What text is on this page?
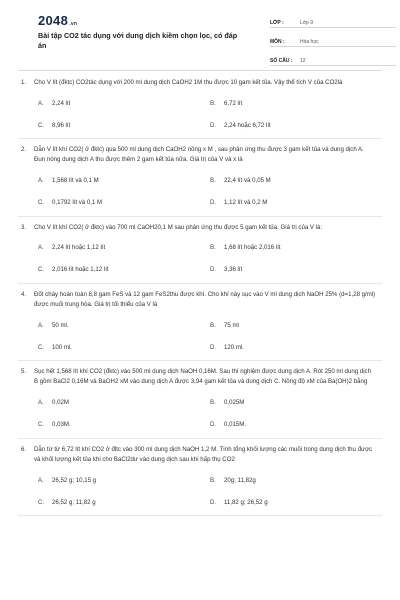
2048.vn
Bài tập CO2 tác dụng với dung dịch kiềm chọn lọc, có đáp án
LỚP :	Lớp 9
MÔN :	Hóa học
SỐ CÂU :	12
1.	Cho V lít (đktc) CO2tác dụng với 200 ml dung dịch CaOH2 1M thu được 10 gam kết tủa. Vậy thể tích V của CO2là
A.	2,24 lít	B.	6,72 lít
C.	8,96 lít	D.	2,24 hoặc 6,72 lít
2.	Dẫn V lít khí CO2( ở đktc) qua 500 ml dung dịch CaOH2 nồng x M , sau phản ứng thu được 3 gam kết tủa và dung dịch A. Đun nóng dung dịch A thu được thêm 2 gam kết tủa nữa. Giá trị của V và x là
A.	1,568 lít và 0,1 M	B.	22,4 lít và 0,05 M
C.	0,1792 lít và 0,1 M	D.	1,12 lít và 0,2 M
3.	Cho V lít khí CO2( ở đktc) vào 700 ml CaOH20,1 M sau phản ứng thu được 5 gam kết tủa. Giá trị của V là:
A.	2,24 lít hoặc 1,12 lít	B.	1,68 lít hoặc 2,016 lít
C.	2,016 lít hoặc 1,12 lít	D.	3,36 lít
4.	Đốt cháy hoàn toàn 8,8 gam FeS và 12 gam FeS2thu được khí. Cho khí này sục vào V ml dung dịch NaOH 25% (d=1,28 g/ml) được muối trung hòa. Giá trị tối thiểu của V là
A.	50 ml.	B.	75 ml
C.	100 ml.	D.	120 ml.
5.	Sục hết 1,568 lít khí CO2 (đktc) vào 500 ml dung dịch NaOH 0,16M. Sau thí nghiệm được dung dịch A. Rót 250 ml dung dịch B gồm BaCl2 0,16M và BaOH2 xM vào dung dịch A được 3,94 gam kết tủa và dung dịch C. Nồng độ xM của Ba(OH)2 bằng
A.	0,02M	B.	0,025M
C.	0,03M.	D.	0,015M.
6.	Dẫn từ từ 6,72 lít khí CO2 ở đltc vào 300 ml dung dịch NaOH 1,2 M. Tính tổng khối lượng các muối trong dung dịch thu được và khối lượng kết tủa khi cho BaCl2dư vào dung dịch sau khi hấp thụ CO2
A.	26,52 g; 10,15 g	B.	20g; 11,82g
C.	26,52 g; 11,82 g	D.	11,82 g; 26,52 g
